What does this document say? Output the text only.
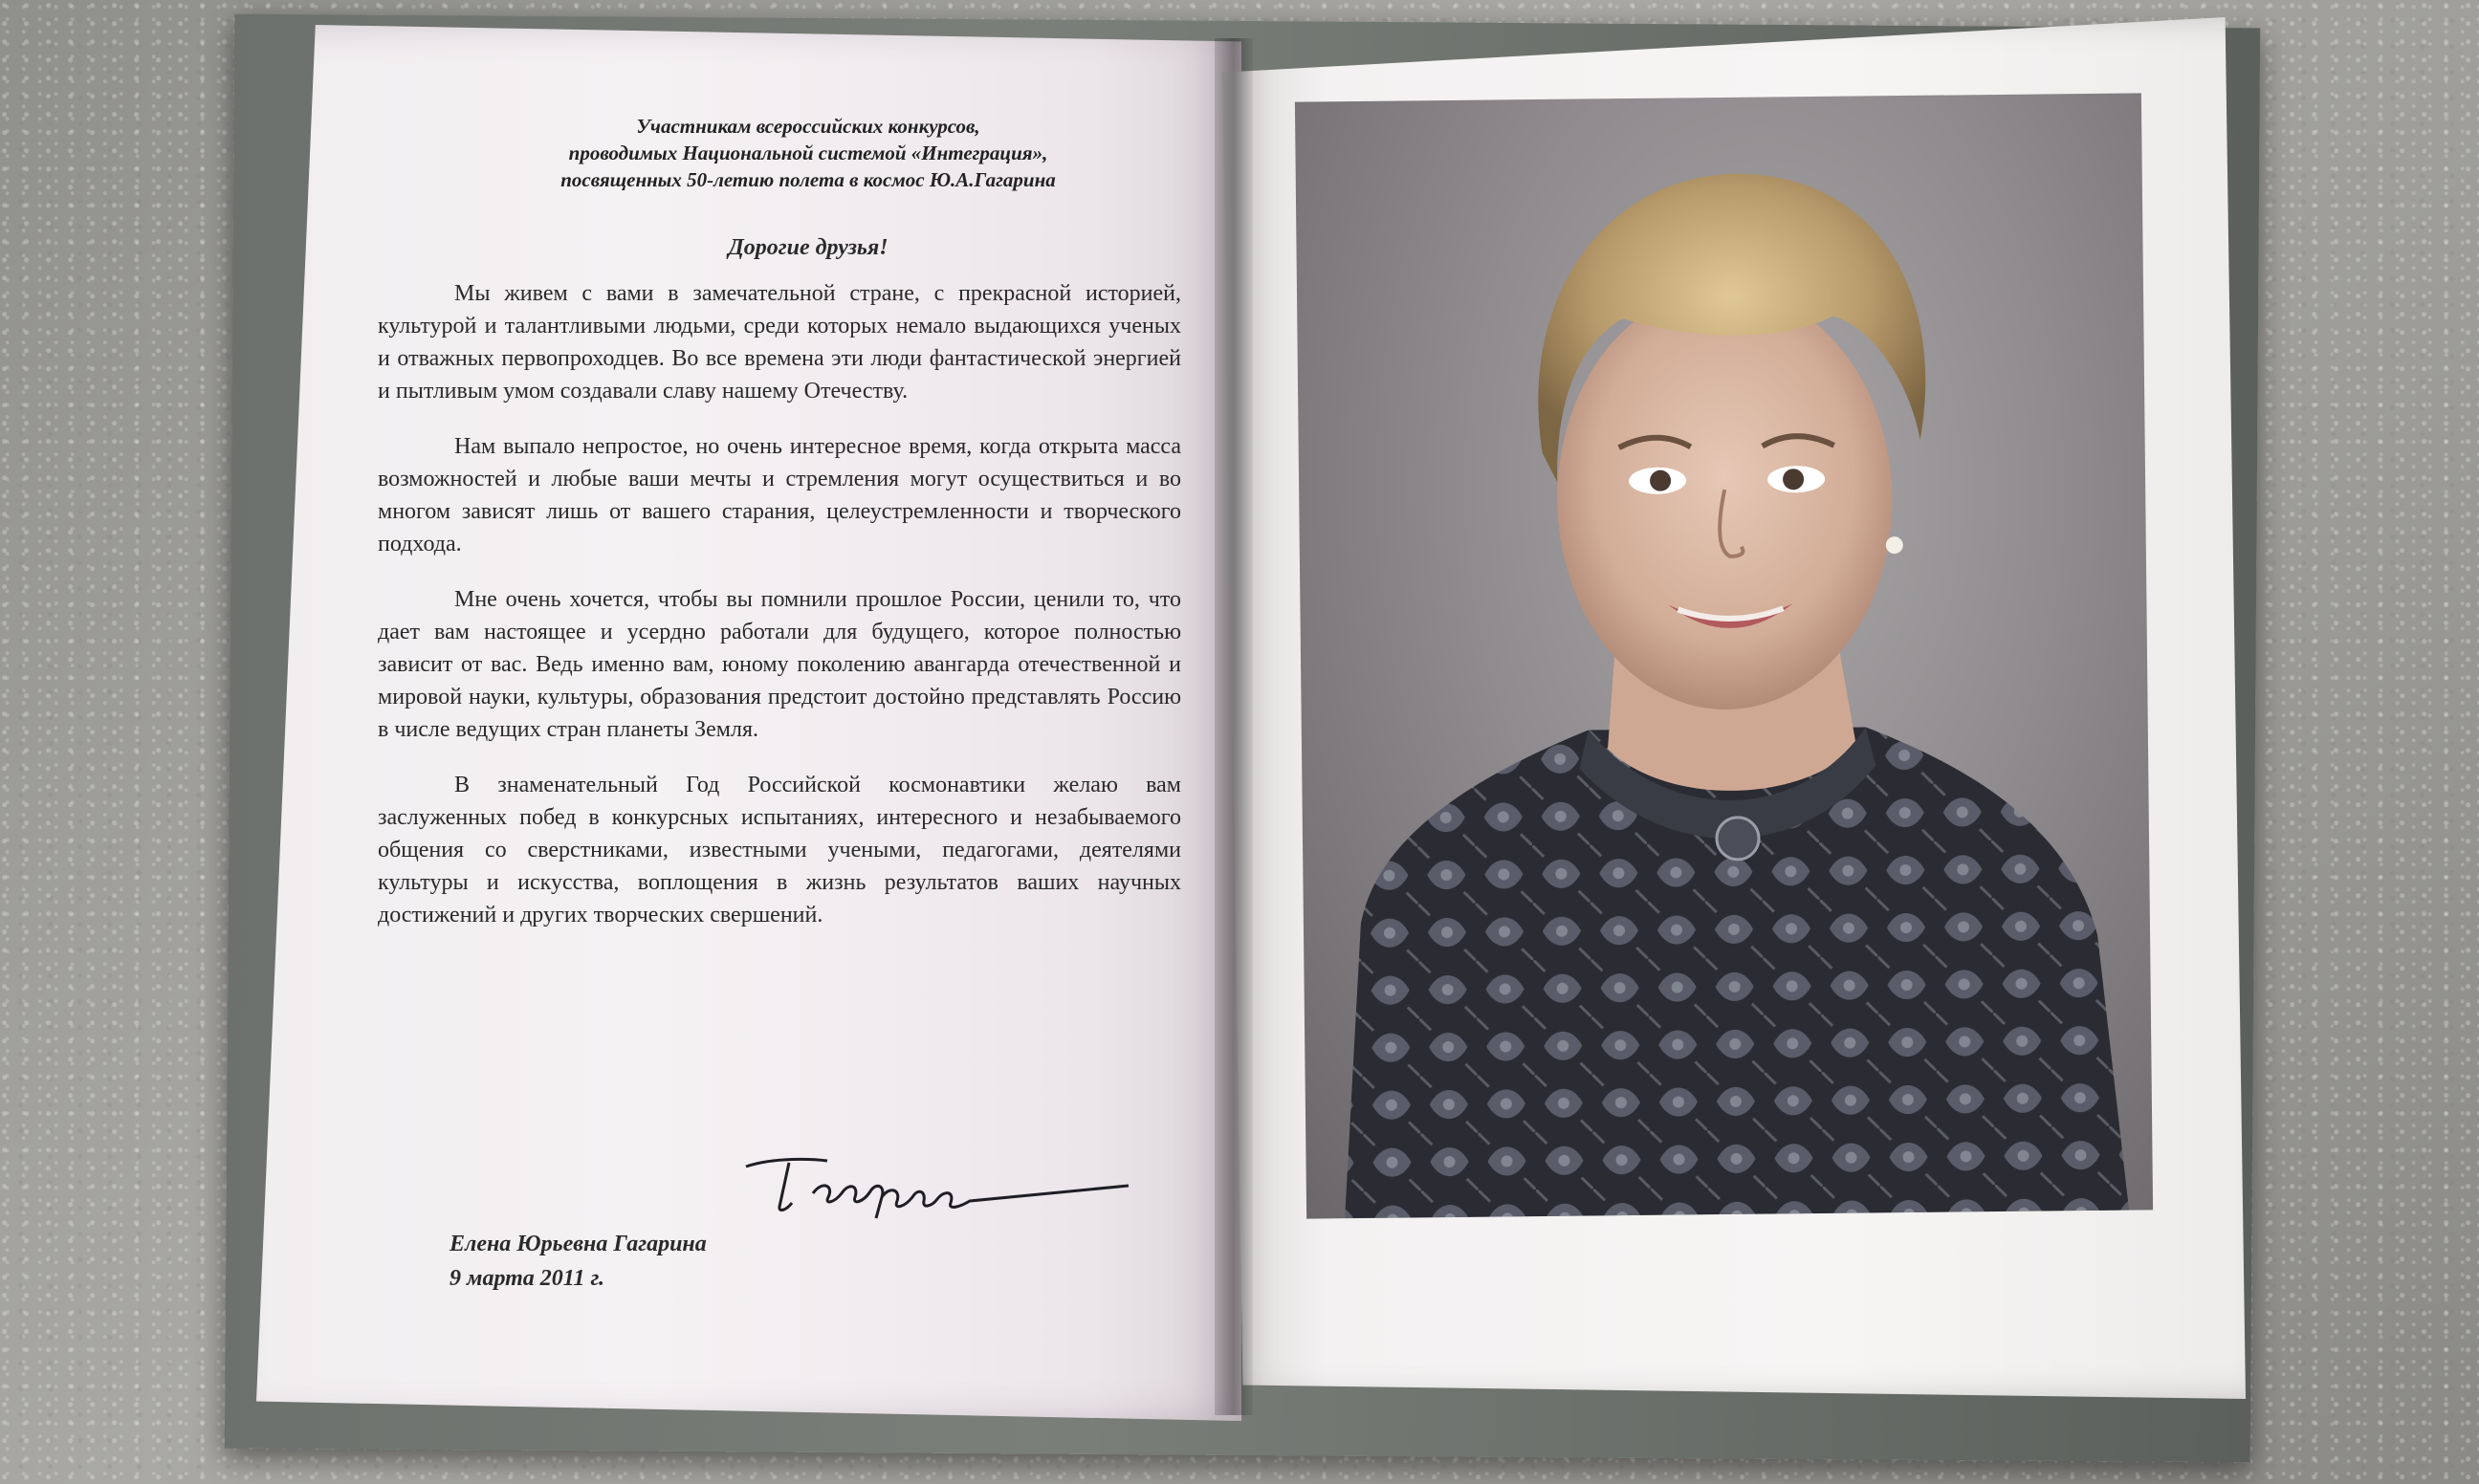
Участникам всероссийских конкурсов,
проводимых Национальной системой «Интеграция»,
посвященных 50-летию полета в космос Ю.А.Гагарина
Дорогие друзья!

Мы живем с вами в замечательной стране, с прекрасной историей, культурой и талантливыми людьми, среди которых немало выдающихся ученых и отважных первопроходцев. Во все времена эти люди фантастической энергией и пытливым умом создавали славу нашему Отечеству.

Нам выпало непростое, но очень интересное время, когда открыта масса возможностей и любые ваши мечты и стремления могут осуществиться и во многом зависят лишь от вашего старания, целеустремленности и творческого подхода.

Мне очень хочется, чтобы вы помнили прошлое России, ценили то, что дает вам настоящее и усердно работали для будущего, которое полностью зависит от вас. Ведь именно вам, юному поколению авангарда отечественной и мировой науки, культуры, образования предстоит достойно представлять Россию в числе ведущих стран планеты Земля.

В знаменательный Год Российской космонавтики желаю вам заслуженных побед в конкурсных испытаниях, интересного и незабываемого общения со сверстниками, известными учеными, педагогами, деятелями культуры и искусства, воплощения в жизнь результатов ваших научных достижений и других творческих свершений.

Елена Юрьевна Гагарина
9 марта 2011 г.
